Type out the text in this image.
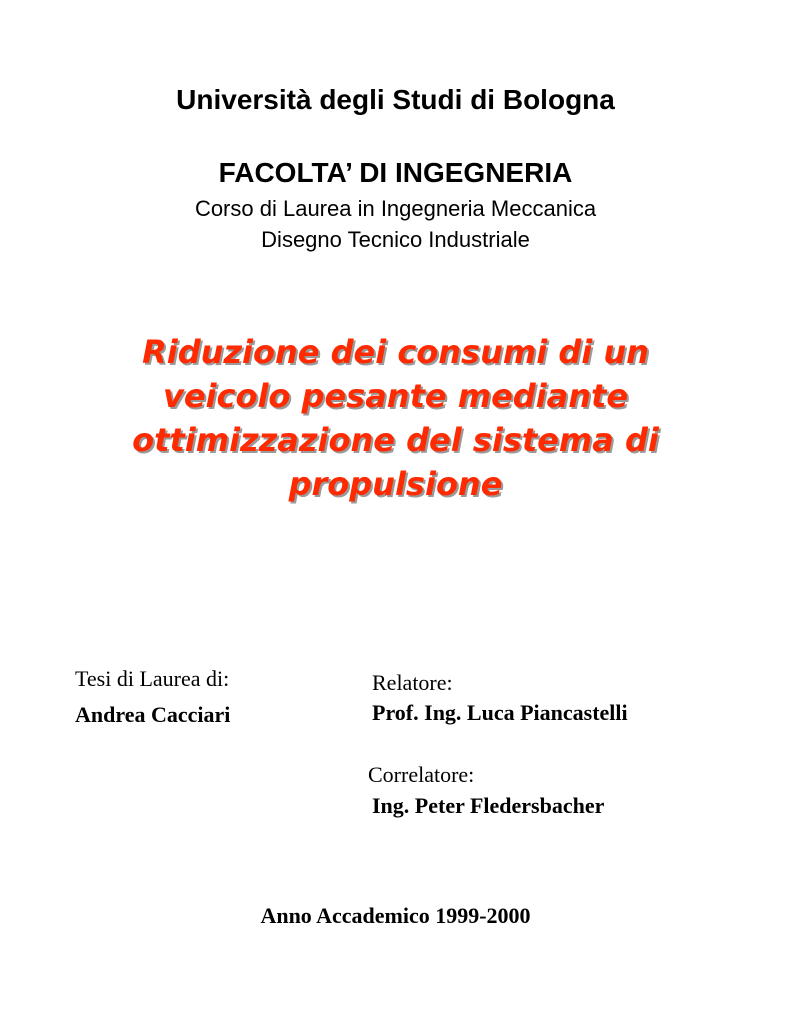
Università degli Studi di Bologna
FACOLTA’ DI INGEGNERIA
Corso di Laurea in Ingegneria Meccanica
Disegno Tecnico Industriale
Riduzione dei consumi di un
veicolo pesante mediante
ottimizzazione del sistema di
propulsione
Tesi di Laurea di:
Andrea Cacciari
Relatore:
Prof. Ing. Luca Piancastelli
Correlatore:
Ing. Peter Fledersbacher
Anno Accademico 1999-2000
